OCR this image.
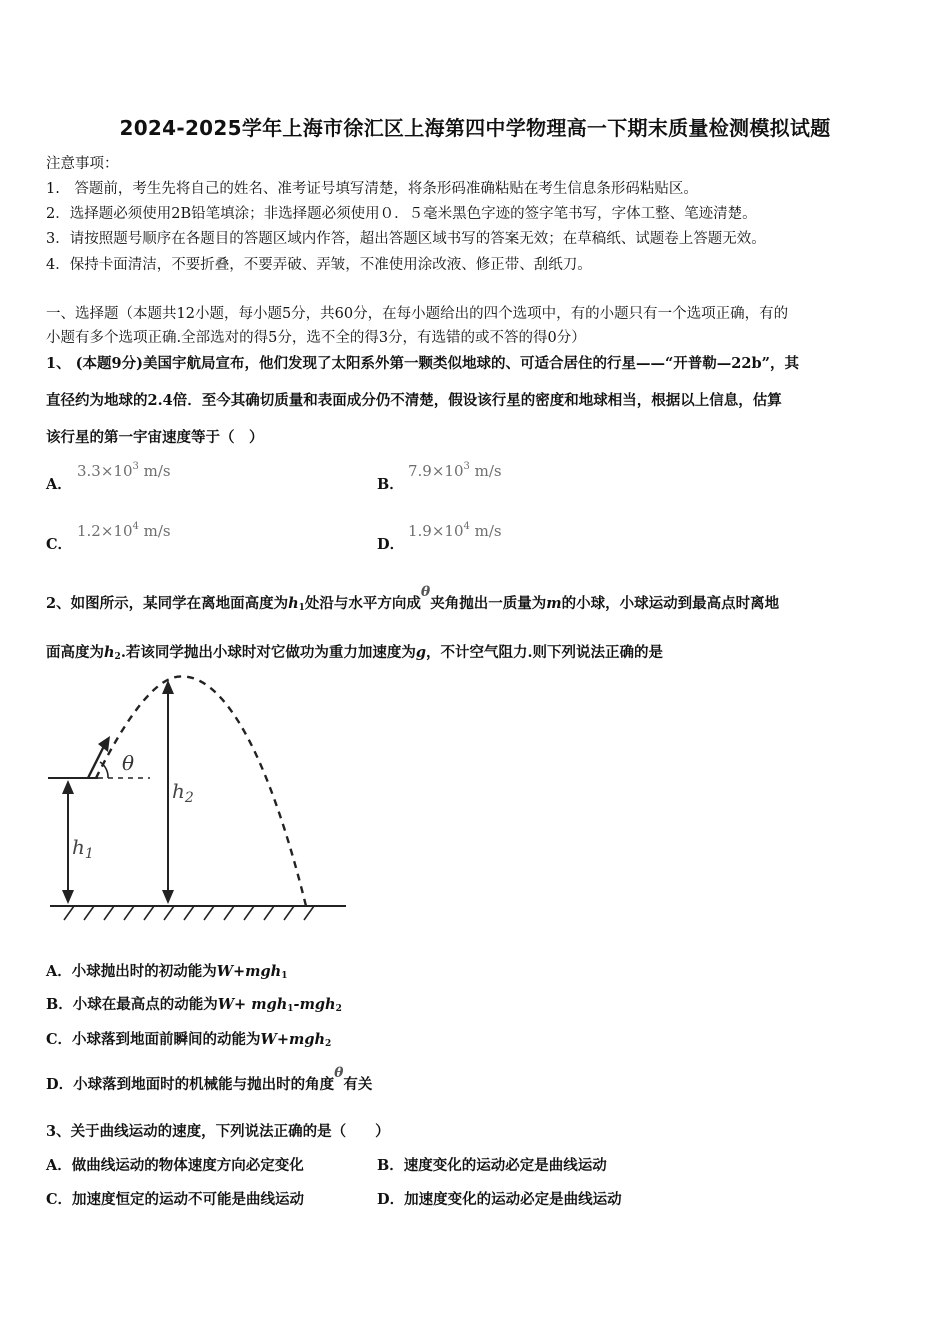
2024-2025学年上海市徐汇区上海第四中学物理高一下期末质量检测模拟试题
注意事项：
1.　答题前，考生先将自己的姓名、准考证号填写清楚，将条形码准确粘贴在考生信息条形码粘贴区。
2．选择题必须使用2B铅笔填涂；非选择题必须使用０．５毫米黑色字迹的签字笔书写，字体工整、笔迹清楚。
3．请按照题号顺序在各题目的答题区域内作答，超出答题区域书写的答案无效；在草稿纸、试题卷上答题无效。
4．保持卡面清洁，不要折叠，不要弄破、弄皱，不准使用涂改液、修正带、刮纸刀。
一、选择题（本题共12小题，每小题5分，共60分，在每小题给出的四个选项中，有的小题只有一个选项正确，有的
小题有多个选项正确.全部选对的得5分，选不全的得3分，有选错的或不答的得0分）
1、 (本题9分)美国宇航局宣布，他们发现了太阳系外第一颗类似地球的、可适合居住的行星——“开普勒—22b”，其
直径约为地球的2.4倍．至今其确切质量和表面成分仍不清楚，假设该行星的密度和地球相当，根据以上信息，估算
该行星的第一宇宙速度等于（　）
A．
$3.3\times 10^3$ m/s
B．
$7.9\times 10^3$ m/s
C．
$1.2\times 10^4$ m/s
D．
$1.9\times 10^4$ m/s
2、如图所示，某同学在离地面高度为$h_1$处沿与水平方向成θ夹角抛出一质量为m的小球，小球运动到最高点时离地
面高度为$h_2$.若该同学抛出小球时对它做功为重力加速度为g，不计空气阻力.则下列说法正确的是
θ
$h_1$
$h_2$
A．小球抛出时的初动能为W+mgh$_1$
B．小球在最高点的动能为W+ mgh$_1$-mgh$_2$
C．小球落到地面前瞬间的动能为W+mgh$_2$
D．小球落到地面时的机械能与抛出时的角度θ有关
3、关于曲线运动的速度，下列说法正确的是（　　）
A．做曲线运动的物体速度方向必定变化	B．速度变化的运动必定是曲线运动
C．加速度恒定的运动不可能是曲线运动	D．加速度变化的运动必定是曲线运动
